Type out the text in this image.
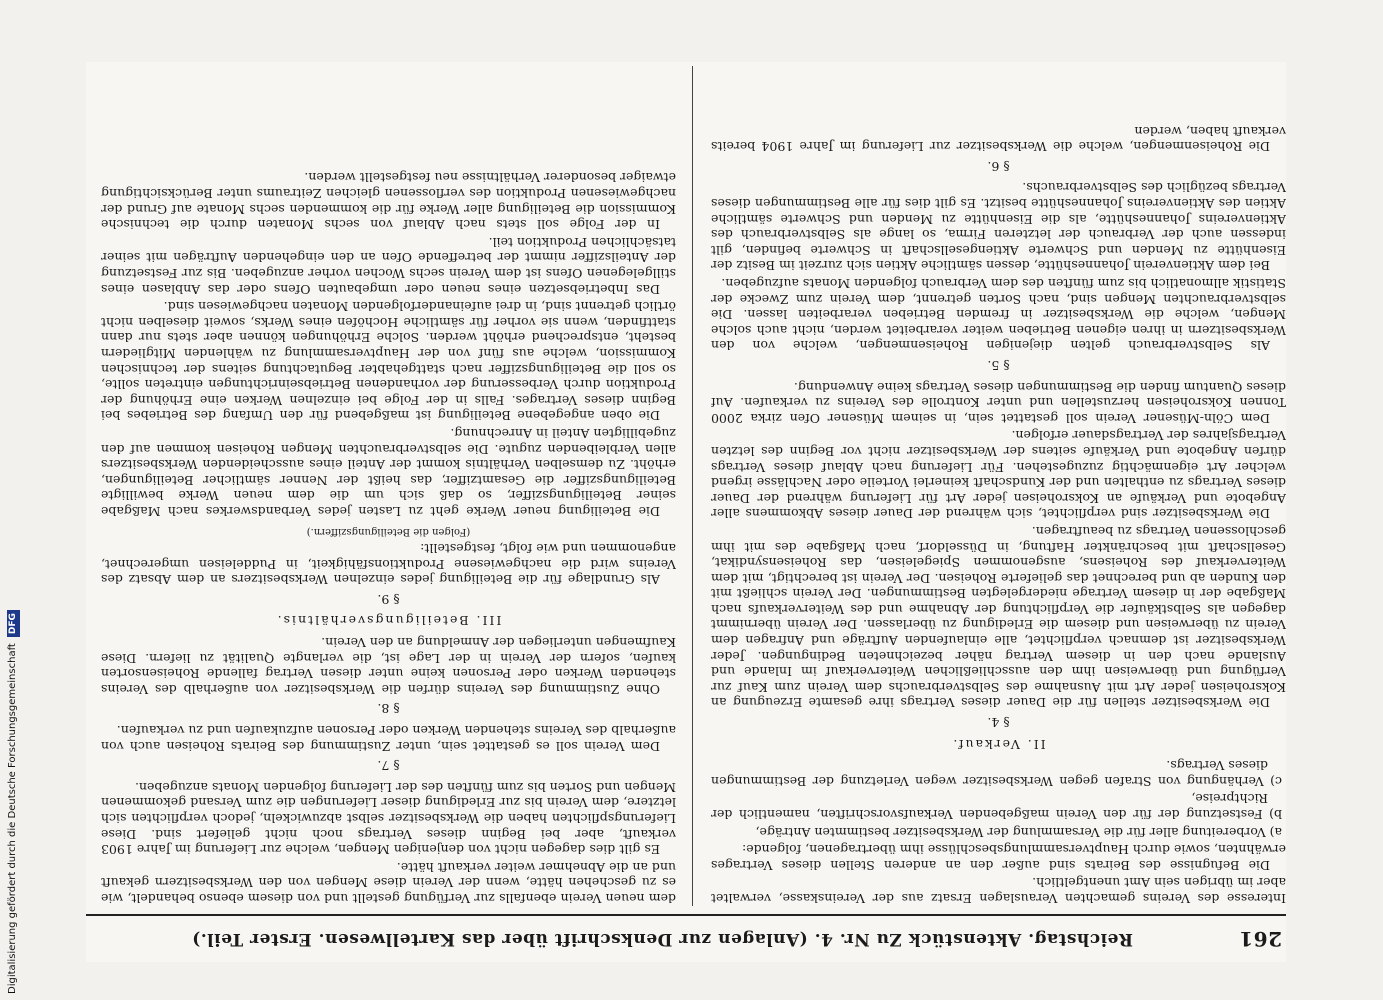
261
Reichstag. Aktenstück Zu Nr. 4. (Anlagen zur Denkschrift über das Kartellwesen. Erster Teil.)

Interesse des Vereins gemachten Verauslagen Ersatz aus der Vereinskasse, verwaltet aber im übrigen sein Amt unentgeltlich.

Die Befugnisse des Beirats sind außer den an anderen Stellen dieses Vertrages erwähnten, sowie durch Hauptversammlungsbeschlüsse ihm übertragenen, folgende:

a) Vorbereitung aller für die Versammlung der Werksbesitzer bestimmten Anträge,

b) Festsetzung der für den Verein maßgebenden Verkaufsvorschriften, namentlich der Richtpreise,

c) Verhängung von Strafen gegen Werksbesitzer wegen Verletzung der Bestimmungen dieses Vertrags.

II. Verkauf.
§ 4.

Die Werksbesitzer stellen für die Dauer dieses Vertrags ihre gesamte Erzeugung an Koksroheisen jeder Art mit Ausnahme des Selbstverbrauchs dem Verein zum Kauf zur Verfügung und überweisen ihm den ausschließlichen Weiterverkauf im Inlande und Auslande nach den in diesem Vertrag näher bezeichneten Bedingungen. Jeder Werksbesitzer ist demnach verpflichtet, alle einlaufenden Aufträge und Anfragen dem Verein zu überweisen und diesem die Erledigung zu überlassen. Der Verein übernimmt dagegen als Selbstkäufer die Verpflichtung der Abnahme und des Weiterverkaufs nach Maßgabe der in diesem Vertrage niedergelegten Bestimmungen. Der Verein schließt mit den Kunden ab und berechnet das gelieferte Roheisen. Der Verein ist berechtigt, mit dem Weiterverkauf des Roheisens, ausgenommen Spiegeleisen, das Roheisensyndikat, Gesellschaft mit beschränkter Haftung, in Düsseldorf, nach Maßgabe des mit ihm geschlossenen Vertrags zu beauftragen.

Die Werksbesitzer sind verpflichtet, sich während der Dauer dieses Abkommens aller Angebote und Verkäufe an Koksroheisen jeder Art für Lieferung während der Dauer dieses Vertrags zu enthalten und der Kundschaft keinerlei Vorteile oder Nachlässe irgend welcher Art eigenmächtig zuzugestehen. Für Lieferung nach Ablauf dieses Vertrags dürfen Angebote und Verkäufe seitens der Werksbesitzer nicht vor Beginn des letzten Vertragsjahres der Vertragsdauer erfolgen.

Dem Cöln-Müsener Verein soll gestattet sein, in seinem Müsener Ofen zirka 2000 Tonnen Koksroheisen herzustellen und unter Kontrolle des Vereins zu verkaufen. Auf dieses Quantum finden die Bestimmungen dieses Vertrags keine Anwendung.

§ 5.

Als Selbstverbrauch gelten diejenigen Roheisenmengen, welche von den Werksbesitzern in ihren eigenen Betrieben weiter verarbeitet werden, nicht auch solche Mengen, welche die Werksbesitzer in fremden Betrieben verarbeiten lassen. Die selbstverbrauchten Mengen sind, nach Sorten getrennt, dem Verein zum Zwecke der Statistik allmonatlich bis zum fünften des dem Verbrauch folgenden Monats aufzugeben.

Bei dem Aktienverein Johanneshütte, dessen sämtliche Aktien sich zurzeit im Besitz der Eisenhütte zu Menden und Schwerte Aktiengesellschaft in Schwerte befinden, gilt indessen auch der Verbrauch der letzteren Firma, so lange als Selbstverbrauch des Aktienvereins Johanneshütte, als die Eisenhütte zu Menden und Schwerte sämtliche Aktien des Aktienvereins Johanneshütte besitzt. Es gilt dies für alle Bestimmungen dieses Vertrags bezüglich des Selbstverbrauchs.

§ 6.

Die Roheisenmengen, welche die Werksbesitzer zur Lieferung im Jahre 1904 bereits verkauft haben, werden

dem neuen Verein ebenfalls zur Verfügung gestellt und von diesem ebenso behandelt, wie es zu geschehen hätte, wenn der Verein diese Mengen von den Werksbesitzern gekauft und an die Abnehmer weiter verkauft hätte.

Es gilt dies dagegen nicht von denjenigen Mengen, welche zur Lieferung im Jahre 1903 verkauft, aber bei Beginn dieses Vertrags noch nicht geliefert sind. Diese Lieferungspflichten haben die Werksbesitzer selbst abzuwickeln, jedoch verpflichten sich letztere, dem Verein bis zur Erledigung dieser Lieferungen die zum Versand gekommenen Mengen und Sorten bis zum fünften des der Lieferung folgenden Monats anzugeben.

§ 7.

Dem Verein soll es gestattet sein, unter Zustimmung des Beirats Roheisen auch von außerhalb des Vereins stehenden Werken oder Personen aufzukaufen und zu verkaufen.

§ 8.

Ohne Zustimmung des Vereins dürfen die Werksbesitzer von außerhalb des Vereins stehenden Werken oder Personen keine unter diesen Vertrag fallende Roheisensorten kaufen, sofern der Verein in der Lage ist, die verlangte Qualität zu liefern. Diese Kaufmengen unterliegen der Anmeldung an den Verein.

III. Beteiligungsverhältnis.
§ 9.

Als Grundlage für die Beteiligung jedes einzelnen Werksbesitzers an dem Absatz des Vereins wird die nachgewiesene Produktionsfähigkeit, in Puddeleisen umgerechnet, angenommen und wie folgt, festgestellt:

(Folgen die Beteiligungsziffern.)

Die Beteiligung neuer Werke geht zu Lasten jedes Verbandswerkes nach Maßgabe seiner Beteiligungsziffer, so daß sich um die dem neuen Werke bewilligte Beteiligungsziffer die Gesamtziffer, das heißt der Nenner sämtlicher Beteiligungen, erhöht. Zu demselben Verhältnis kommt der Anteil eines ausscheidenden Werksbesitzers allen Verbleibenden zugute. Die selbstverbrauchten Mengen Roheisen kommen auf den zugebilligten Anteil in Anrechnung.

Die oben angegebene Beteiligung ist maßgebend für den Umfang des Betriebes bei Beginn dieses Vertrages. Falls in der Folge bei einzelnen Werken eine Erhöhung der Produktion durch Verbesserung der vorhandenen Betriebseinrichtungen eintreten sollte, so soll die Beteiligungsziffer nach stattgehabter Begutachtung seitens der technischen Kommission, welche aus fünf von der Hauptversammlung zu wählenden Mitgliedern besteht, entsprechend erhöht werden. Solche Erhöhungen können aber stets nur dann stattfinden, wenn sie vorher für sämtliche Hochöfen eines Werks, soweit dieselben nicht örtlich getrennt sind, in drei aufeinanderfolgenden Monaten nachgewiesen sind.

Das Inbetriebsetzen eines neuen oder umgebauten Ofens oder das Anblasen eines stillgelegenen Ofens ist dem Verein sechs Wochen vorher anzugeben. Bis zur Festsetzung der Anteilsziffer nimmt der betreffende Ofen an den eingehenden Aufträgen mit seiner tatsächlichen Produktion teil.

In der Folge soll stets nach Ablauf von sechs Monaten durch die technische Kommission die Beteiligung aller Werke für die kommenden sechs Monate auf Grund der nachgewiesenen Produktion des verflossenen gleichen Zeitraums unter Berücksichtigung etwaiger besonderer Verhältnisse neu festgestellt werden.

Digitalisierung gefördert durch die Deutsche Forschungsgemeinschaft
DFG
